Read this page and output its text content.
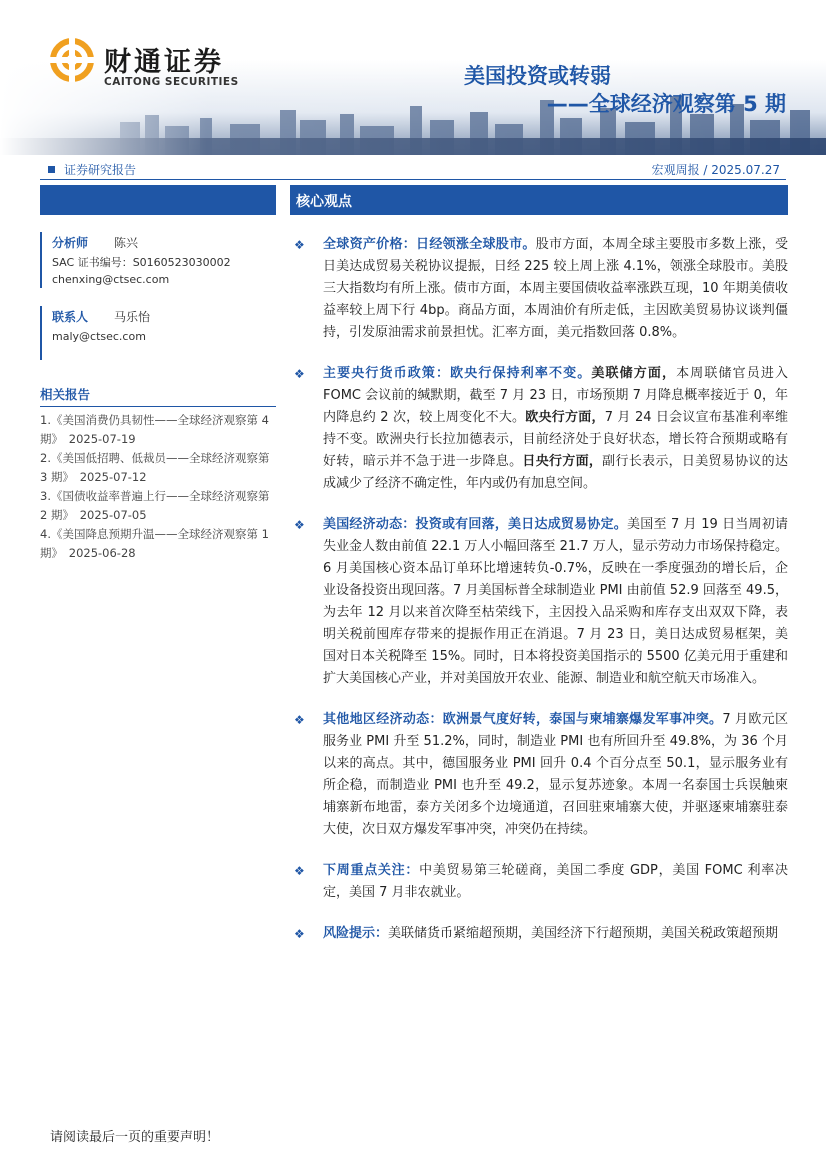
财通证券
CAITONG SECURITIES	美国投资或转弱
——全球经济观察第 5 期
证券研究报告	宏观周报 / 2025.07.27
分析师 陈兴
SAC 证书编号：S0160523030002
chenxing@ctsec.com
联系人 马乐怡
maly@ctsec.com
相关报告
1.《美国消费仍具韧性——全球经济观察第 4 期》　2025-07-19
2.《美国低招聘、低裁员——全球经济观察第 3 期》　2025-07-12
3.《国债收益率普遍上行——全球经济观察第 2 期》　2025-07-05
4.《美国降息预期升温——全球经济观察第 1 期》　2025-06-28
核心观点
❖ 全球资产价格：日经领涨全球股市。股市方面，本周全球主要股市多数上涨，受日美达成贸易关税协议提振，日经 225 较上周上涨 4.1%，领涨全球股市。美股三大指数均有所上涨。债市方面，本周主要国债收益率涨跌互现，10 年期美债收益率较上周下行 4bp。商品方面，本周油价有所走低，主因欧美贸易协议谈判僵持，引发原油需求前景担忧。汇率方面，美元指数回落 0.8%。
❖ 主要央行货币政策：欧央行保持利率不变。美联储方面，本周联储官员进入 FOMC 会议前的缄默期，截至 7 月 23 日，市场预期 7 月降息概率接近于 0，年内降息约 2 次，较上周变化不大。欧央行方面，7 月 24 日会议宣布基准利率维持不变。欧洲央行长拉加德表示，目前经济处于良好状态，增长符合预期或略有好转，暗示并不急于进一步降息。日央行方面，副行长表示，日美贸易协议的达成减少了经济不确定性，年内或仍有加息空间。
❖ 美国经济动态：投资或有回落，美日达成贸易协定。美国至 7 月 19 日当周初请失业金人数由前值 22.1 万人小幅回落至 21.7 万人，显示劳动力市场保持稳定。6 月美国核心资本品订单环比增速转负-0.7%，反映在一季度强劲的增长后，企业设备投资出现回落。7 月美国标普全球制造业 PMI 由前值 52.9 回落至 49.5，为去年 12 月以来首次降至枯荣线下，主因投入品采购和库存支出双双下降，表明关税前囤库存带来的提振作用正在消退。7 月 23 日，美日达成贸易框架，美国对日本关税降至 15%。同时，日本将投资美国指示的 5500 亿美元用于重建和扩大美国核心产业，并对美国放开农业、能源、制造业和航空航天市场准入。
❖ 其他地区经济动态：欧洲景气度好转，泰国与柬埔寨爆发军事冲突。7 月欧元区服务业 PMI 升至 51.2%，同时，制造业 PMI 也有所回升至 49.8%，为 36 个月以来的高点。其中，德国服务业 PMI 回升 0.4 个百分点至 50.1，显示服务业有所企稳，而制造业 PMI 也升至 49.2，显示复苏迹象。本周一名泰国士兵误触柬埔寨新布地雷，泰方关闭多个边境通道，召回驻柬埔寨大使，并驱逐柬埔寨驻泰大使，次日双方爆发军事冲突，冲突仍在持续。
❖ 下周重点关注：中美贸易第三轮磋商，美国二季度 GDP，美国 FOMC 利率决定，美国 7 月非农就业。
❖ 风险提示：美联储货币紧缩超预期，美国经济下行超预期，美国关税政策超预期
请阅读最后一页的重要声明！
